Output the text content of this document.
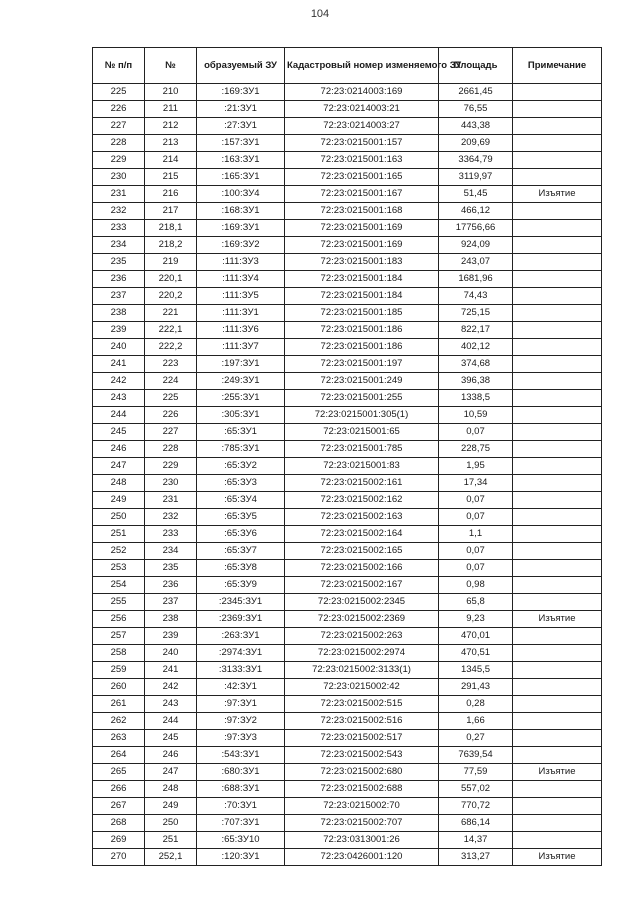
104
№ п/п	№	образуемый ЗУ	Кадастровый номер изменяемого ЗУ	Площадь	Примечание
225	210	:169:ЗУ1	72:23:0214003:169	2661,45	
226	211	:21:ЗУ1	72:23:0214003:21	76,55	
227	212	:27:ЗУ1	72:23:0214003:27	443,38	
228	213	:157:ЗУ1	72:23:0215001:157	209,69	
229	214	:163:ЗУ1	72:23:0215001:163	3364,79	
230	215	:165:ЗУ1	72:23:0215001:165	3119,97	
231	216	:100:ЗУ4	72:23:0215001:167	51,45	Изъятие
232	217	:168:ЗУ1	72:23:0215001:168	466,12	
233	218,1	:169:ЗУ1	72:23:0215001:169	17756,66	
234	218,2	:169:ЗУ2	72:23:0215001:169	924,09	
235	219	:111:ЗУ3	72:23:0215001:183	243,07	
236	220,1	:111:ЗУ4	72:23:0215001:184	1681,96	
237	220,2	:111:ЗУ5	72:23:0215001:184	74,43	
238	221	:111:ЗУ1	72:23:0215001:185	725,15	
239	222,1	:111:ЗУ6	72:23:0215001:186	822,17	
240	222,2	:111:ЗУ7	72:23:0215001:186	402,12	
241	223	:197:ЗУ1	72:23:0215001:197	374,68	
242	224	:249:ЗУ1	72:23:0215001:249	396,38	
243	225	:255:ЗУ1	72:23:0215001:255	1338,5	
244	226	:305:ЗУ1	72:23:0215001:305(1)	10,59	
245	227	:65:ЗУ1	72:23:0215001:65	0,07	
246	228	:785:ЗУ1	72:23:0215001:785	228,75	
247	229	:65:ЗУ2	72:23:0215001:83	1,95	
248	230	:65:ЗУ3	72:23:0215002:161	17,34	
249	231	:65:ЗУ4	72:23:0215002:162	0,07	
250	232	:65:ЗУ5	72:23:0215002:163	0,07	
251	233	:65:ЗУ6	72:23:0215002:164	1,1	
252	234	:65:ЗУ7	72:23:0215002:165	0,07	
253	235	:65:ЗУ8	72:23:0215002:166	0,07	
254	236	:65:ЗУ9	72:23:0215002:167	0,98	
255	237	:2345:ЗУ1	72:23:0215002:2345	65,8	
256	238	:2369:ЗУ1	72:23:0215002:2369	9,23	Изъятие
257	239	:263:ЗУ1	72:23:0215002:263	470,01	
258	240	:2974:ЗУ1	72:23:0215002:2974	470,51	
259	241	:3133:ЗУ1	72:23:0215002:3133(1)	1345,5	
260	242	:42:ЗУ1	72:23:0215002:42	291,43	
261	243	:97:ЗУ1	72:23:0215002:515	0,28	
262	244	:97:ЗУ2	72:23:0215002:516	1,66	
263	245	:97:ЗУ3	72:23:0215002:517	0,27	
264	246	:543:ЗУ1	72:23:0215002:543	7639,54	
265	247	:680:ЗУ1	72:23:0215002:680	77,59	Изъятие
266	248	:688:ЗУ1	72:23:0215002:688	557,02	
267	249	:70:ЗУ1	72:23:0215002:70	770,72	
268	250	:707:ЗУ1	72:23:0215002:707	686,14	
269	251	:65:ЗУ10	72:23:0313001:26	14,37	
270	252,1	:120:ЗУ1	72:23:0426001:120	313,27	Изъятие
